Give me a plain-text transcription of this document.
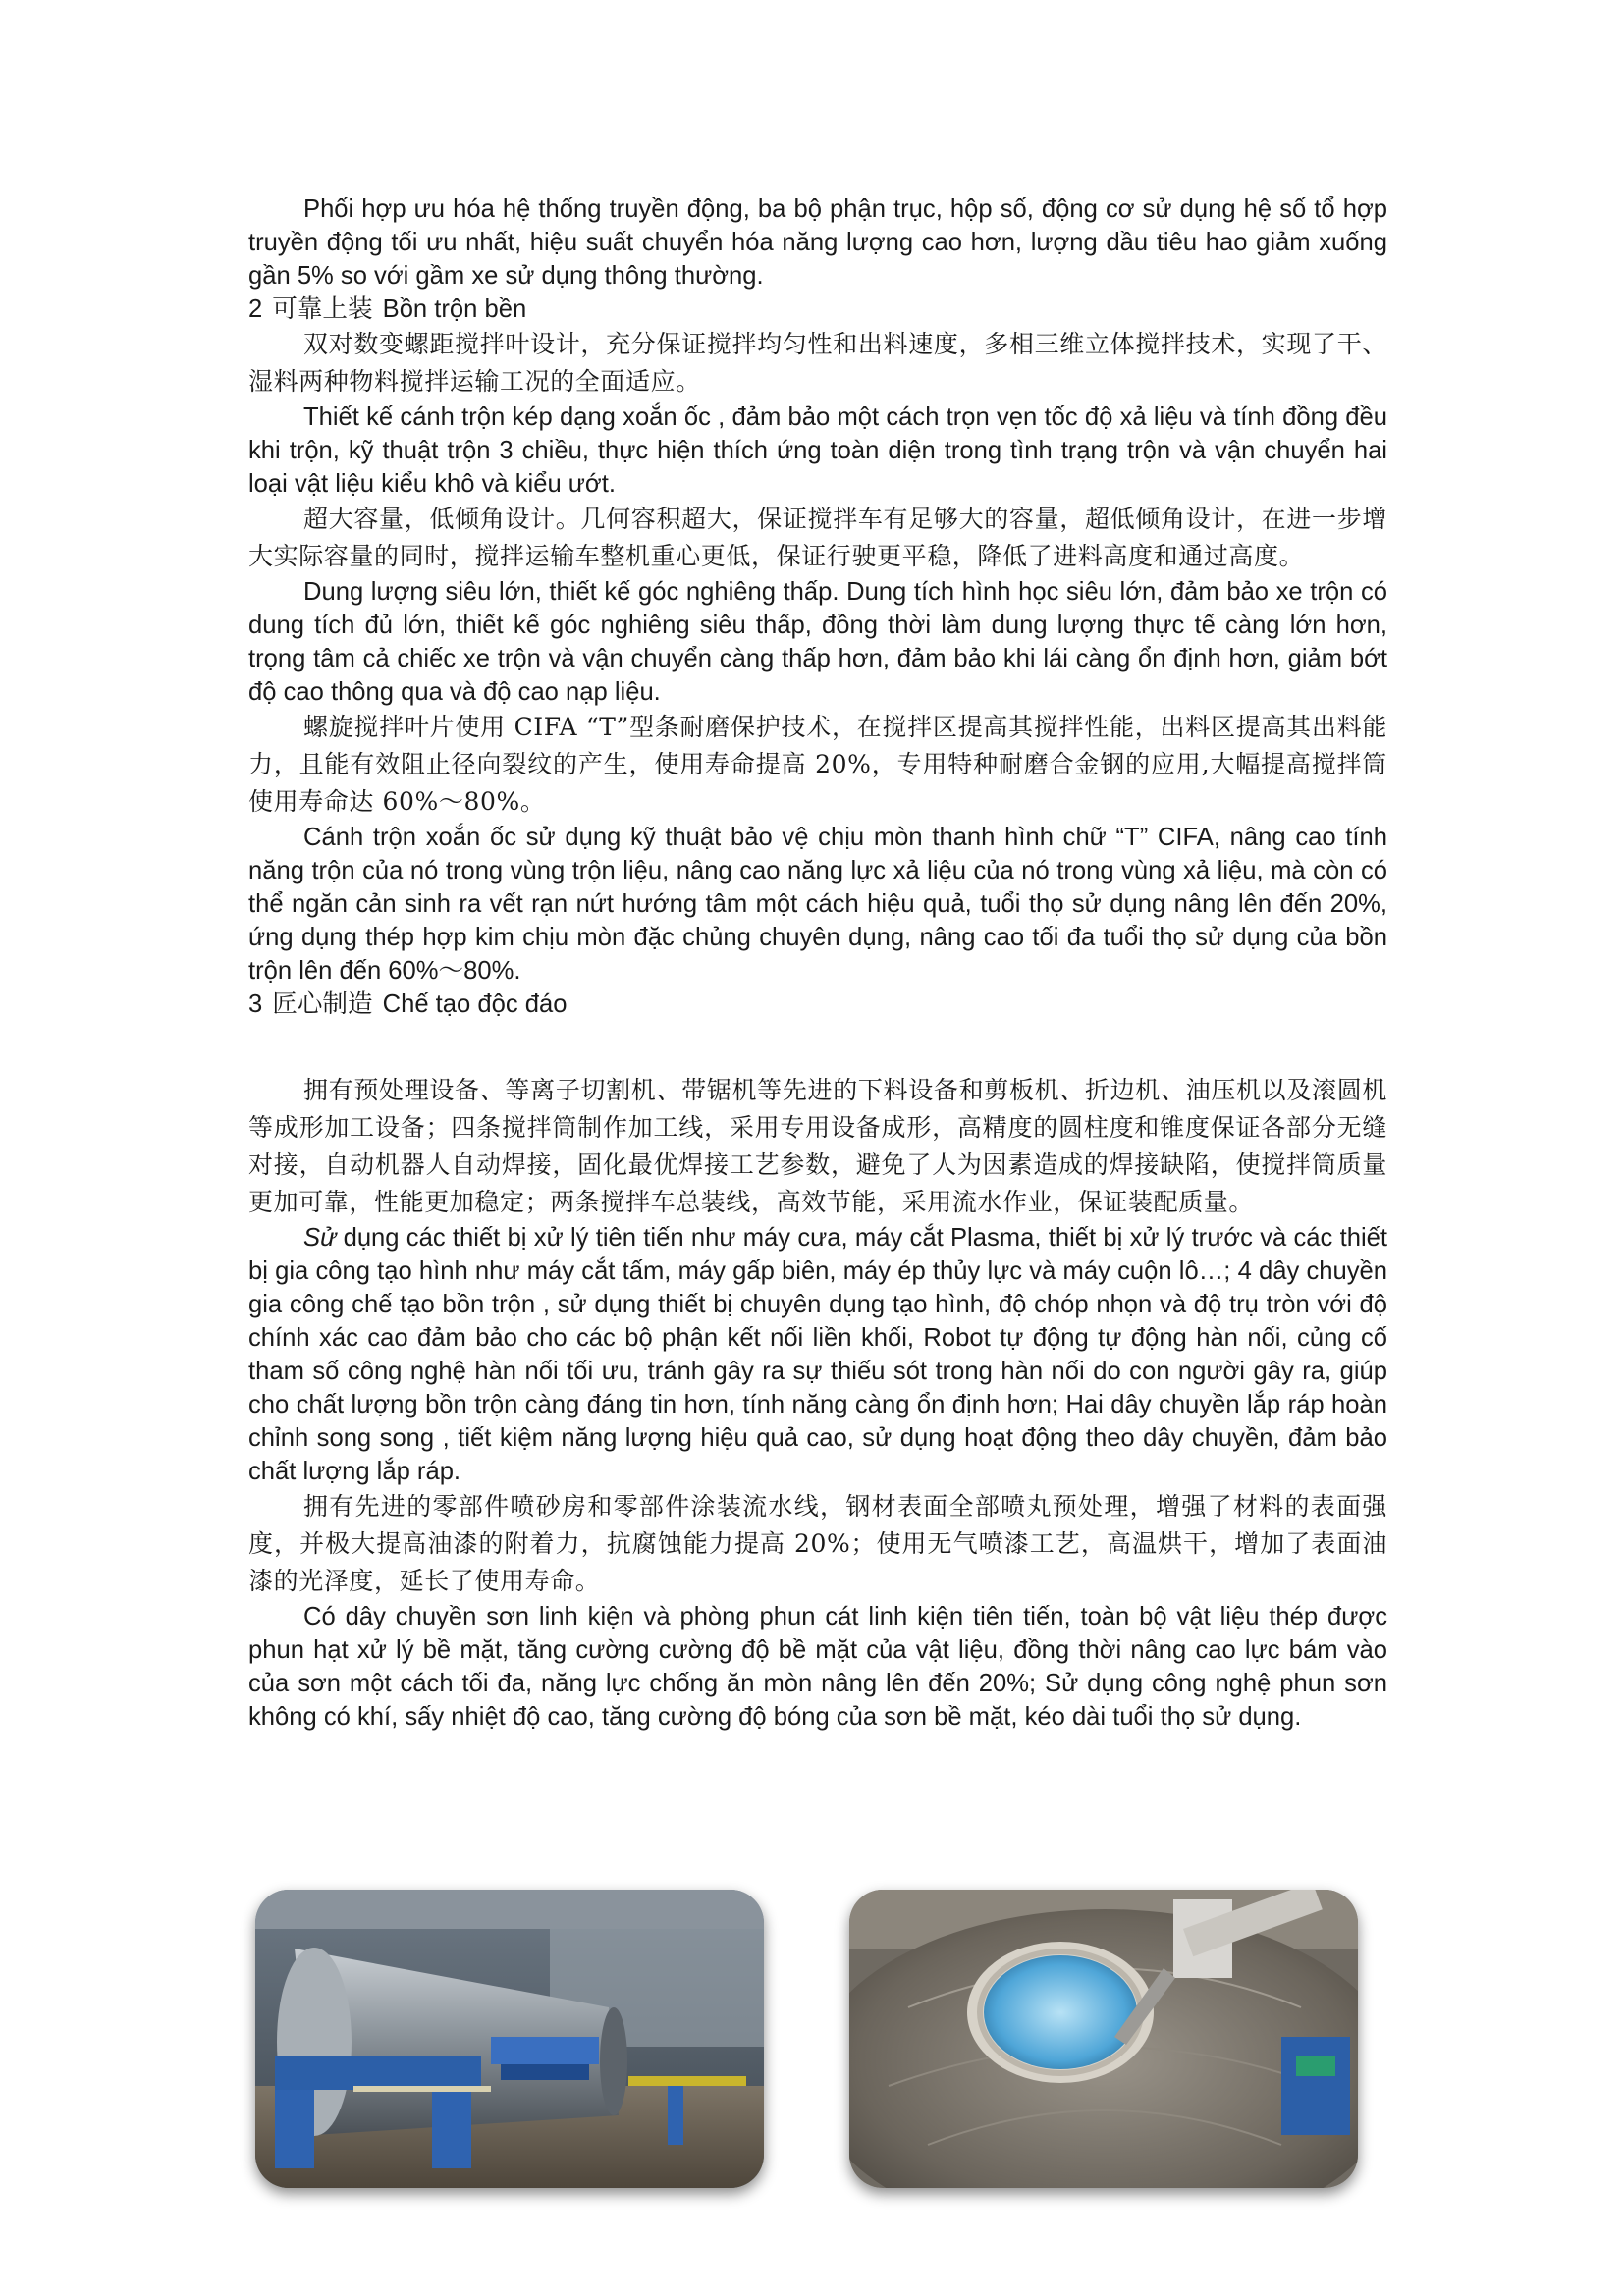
Phối hợp ưu hóa hệ thống truyền động, ba bộ phận trục, hộp số, động cơ sử dụng hệ số tổ hợp truyền động tối ưu nhất, hiệu suất chuyển hóa năng lượng cao hơn, lượng dầu tiêu hao giảm xuống gần 5% so với gầm xe sử dụng thông thường.

2 可靠上装 Bồn trộn bền

双对数变螺距搅拌叶设计，充分保证搅拌均匀性和出料速度，多相三维立体搅拌技术，实现了干、湿料两种物料搅拌运输工况的全面适应。

Thiết kế cánh trộn kép dạng xoắn ốc , đảm bảo một cách trọn vẹn tốc độ xả liệu và tính đồng đều khi trộn, kỹ thuật trộn 3 chiều, thực hiện thích ứng toàn diện trong tình trạng trộn và vận chuyển hai loại vật liệu kiểu khô và kiểu ướt.

超大容量，低倾角设计。几何容积超大，保证搅拌车有足够大的容量，超低倾角设计，在进一步增大实际容量的同时，搅拌运输车整机重心更低，保证行驶更平稳，降低了进料高度和通过高度。

Dung lượng siêu lớn, thiết kế góc nghiêng thấp. Dung tích hình học siêu lớn, đảm bảo xe trộn có dung tích đủ lớn, thiết kế góc nghiêng siêu thấp, đồng thời làm dung lượng thực tế càng lớn hơn, trọng tâm cả chiếc xe trộn và vận chuyển càng thấp hơn, đảm bảo khi lái càng ổn định hơn, giảm bớt độ cao thông qua và độ cao nạp liệu.

螺旋搅拌叶片使用 CIFA “T”型条耐磨保护技术，在搅拌区提高其搅拌性能，出料区提高其出料能力，且能有效阻止径向裂纹的产生，使用寿命提高 20%，专用特种耐磨合金钢的应用,大幅提高搅拌筒使用寿命达 60%～80%。

Cánh trộn xoắn ốc sử dụng kỹ thuật bảo vệ chịu mòn thanh hình chữ “T” CIFA, nâng cao tính năng trộn của nó trong vùng trộn liệu, nâng cao năng lực xả liệu của nó trong vùng xả liệu, mà còn có thể ngăn cản sinh ra vết rạn nứt hướng tâm một cách hiệu quả, tuổi thọ sử dụng nâng lên đến 20%, ứng dụng thép hợp kim chịu mòn đặc chủng chuyên dụng, nâng cao tối đa tuổi thọ sử dụng của bồn trộn lên đến 60%～80%.

3 匠心制造 Chế tạo độc đáo

拥有预处理设备、等离子切割机、带锯机等先进的下料设备和剪板机、折边机、油压机以及滚圆机等成形加工设备；四条搅拌筒制作加工线，采用专用设备成形，高精度的圆柱度和锥度保证各部分无缝对接，自动机器人自动焊接，固化最优焊接工艺参数，避免了人为因素造成的焊接缺陷，使搅拌筒质量更加可靠，性能更加稳定；两条搅拌车总装线，高效节能，采用流水作业，保证装配质量。

Sử dụng các thiết bị xử lý tiên tiến như máy cưa, máy cắt Plasma, thiết bị xử lý trước và các thiết bị gia công tạo hình như máy cắt tấm, máy gấp biên, máy ép thủy lực và máy cuộn lô…; 4 dây chuyền gia công chế tạo bồn trộn , sử dụng thiết bị chuyên dụng tạo hình, độ chóp nhọn và độ trụ tròn với độ chính xác cao đảm bảo cho các bộ phận kết nối liền khối, Robot tự động tự động hàn nối, củng cố tham số công nghệ hàn nối tối ưu, tránh gây ra sự thiếu sót trong hàn nối do con người gây ra, giúp cho chất lượng bồn trộn càng đáng tin hơn, tính năng càng ổn định hơn; Hai dây chuyền lắp ráp hoàn chỉnh song song , tiết kiệm năng lượng hiệu quả cao, sử dụng hoạt động theo dây chuyền, đảm bảo chất lượng lắp ráp.

拥有先进的零部件喷砂房和零部件涂装流水线，钢材表面全部喷丸预处理，增强了材料的表面强度，并极大提高油漆的附着力，抗腐蚀能力提高 20%；使用无气喷漆工艺，高温烘干，增加了表面油漆的光泽度，延长了使用寿命。

Có dây chuyền sơn linh kiện và phòng phun cát linh kiện tiên tiến, toàn bộ vật liệu thép được phun hạt xử lý bề mặt, tăng cường cường độ bề mặt của vật liệu, đồng thời nâng cao lực bám vào của sơn một cách tối đa, năng lực chống ăn mòn nâng lên đến 20%; Sử dụng công nghệ phun sơn không có khí, sấy nhiệt độ cao, tăng cường độ bóng của sơn bề mặt, kéo dài tuổi thọ sử dụng.
